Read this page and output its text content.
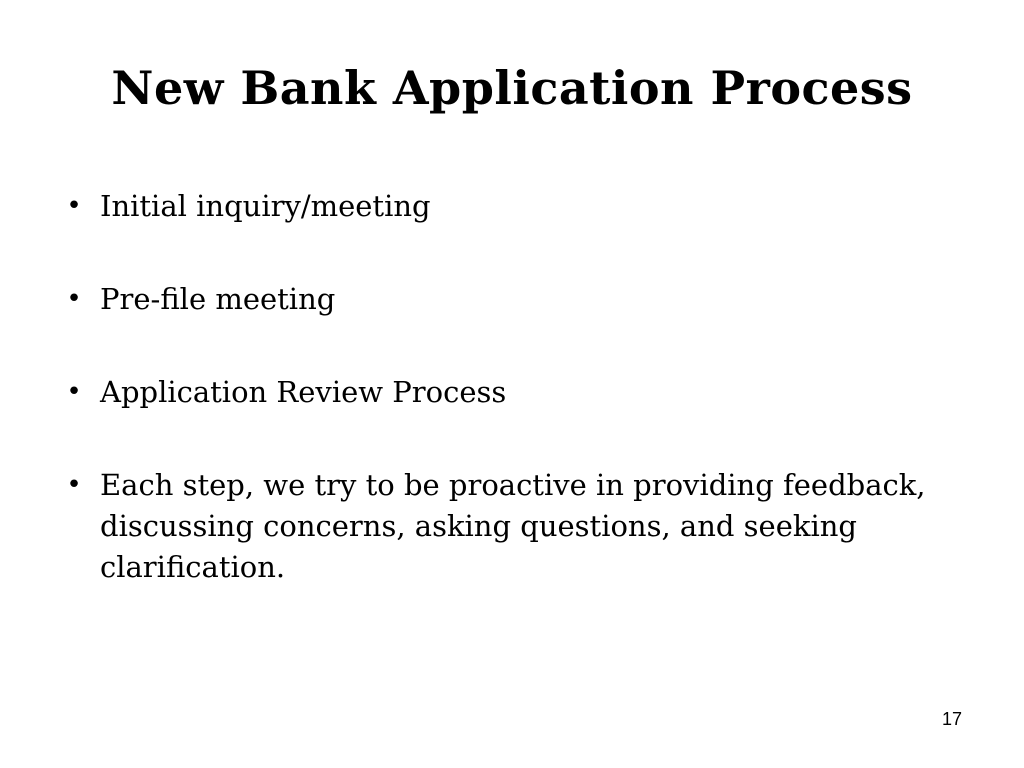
New Bank Application Process
• Initial inquiry/meeting
• Pre-file meeting
• Application Review Process
• Each step, we try to be proactive in providing feedback, discussing concerns, asking questions, and seeking clarification.
17
